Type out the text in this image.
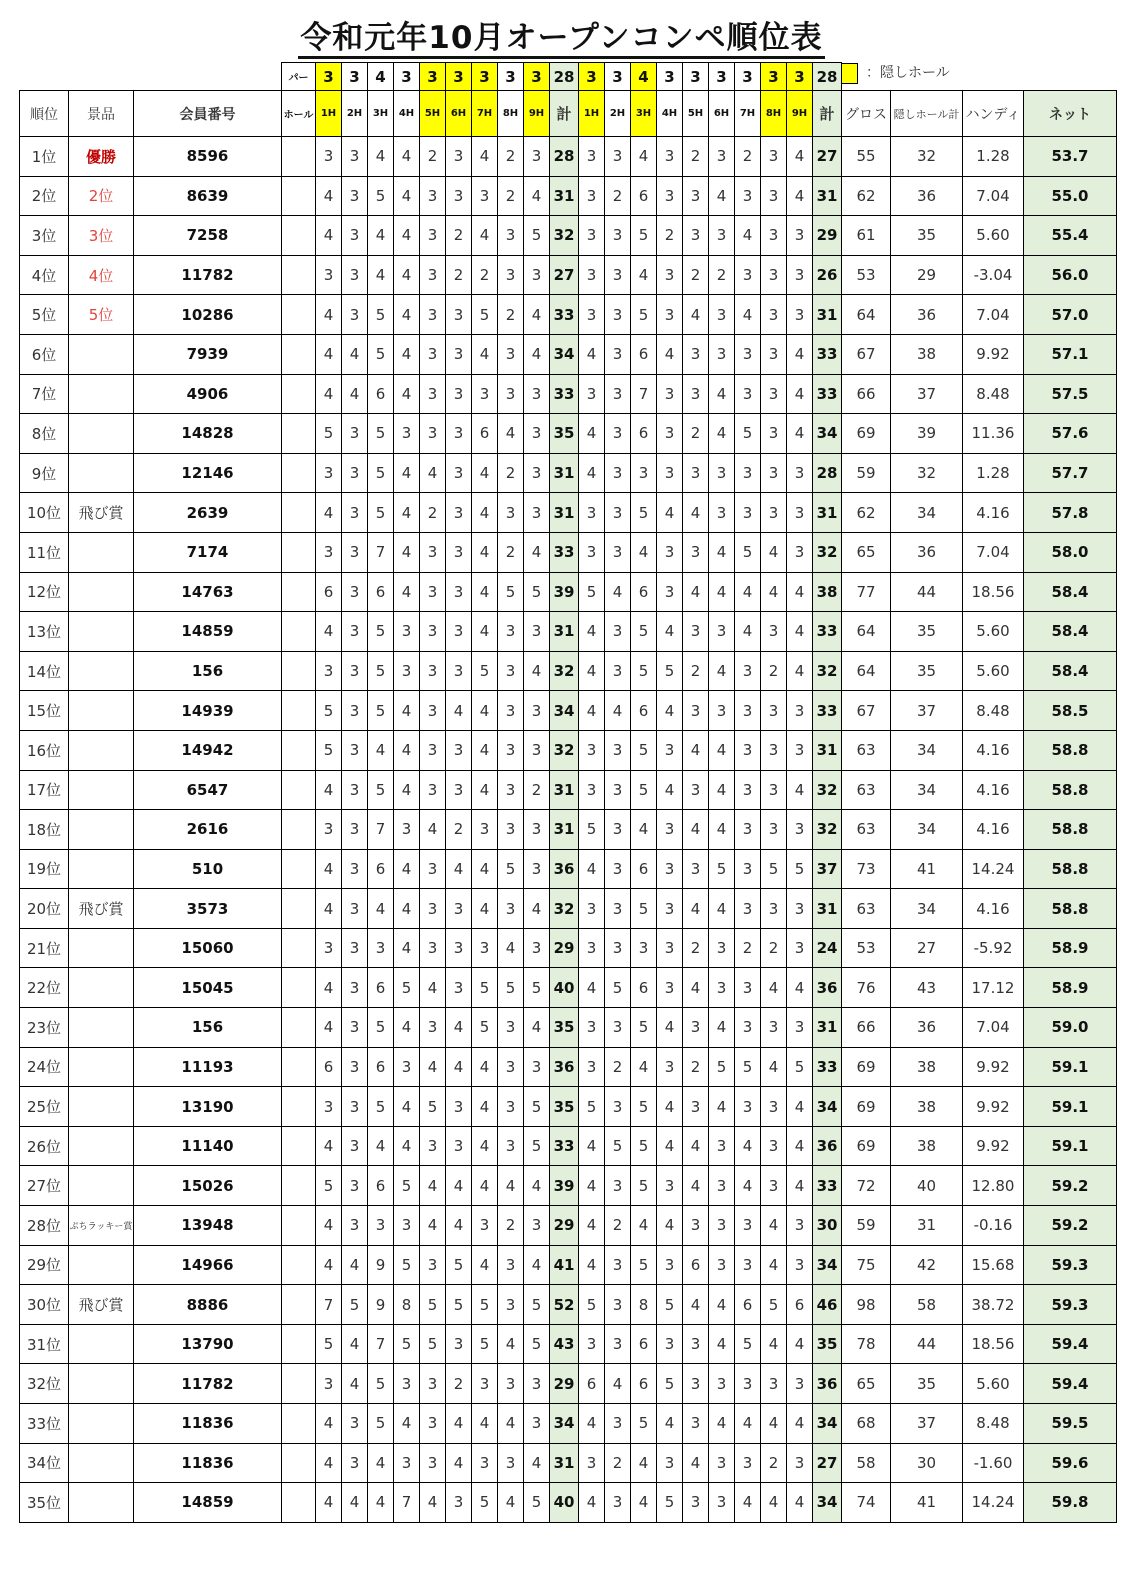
令和元年10月オープンコンペ順位表
：隠しホール
			パー	3	3	4	3	3	3	3	3	3	28	3	3	4	3	3	3	3	3	3	28				
順位	景品	会員番号	ホール	1H	2H	3H	4H	5H	6H	7H	8H	9H	計	1H	2H	3H	4H	5H	6H	7H	8H	9H	計	グロス	隠しホール計	ハンディ	ネット
1位	優勝	8596		3	3	4	4	2	3	4	2	3	28	3	3	4	3	2	3	2	3	4	27	55	32	1.28	53.7
2位	2位	8639		4	3	5	4	3	3	3	2	4	31	3	2	6	3	3	4	3	3	4	31	62	36	7.04	55.0
3位	3位	7258		4	3	4	4	3	2	4	3	5	32	3	3	5	2	3	3	4	3	3	29	61	35	5.60	55.4
4位	4位	11782		3	3	4	4	3	2	2	3	3	27	3	3	4	3	2	2	3	3	3	26	53	29	-3.04	56.0
5位	5位	10286		4	3	5	4	3	3	5	2	4	33	3	3	5	3	4	3	4	3	3	31	64	36	7.04	57.0
6位		7939		4	4	5	4	3	3	4	3	4	34	4	3	6	4	3	3	3	3	4	33	67	38	9.92	57.1
7位		4906		4	4	6	4	3	3	3	3	3	33	3	3	7	3	3	4	3	3	4	33	66	37	8.48	57.5
8位		14828		5	3	5	3	3	3	6	4	3	35	4	3	6	3	2	4	5	3	4	34	69	39	11.36	57.6
9位		12146		3	3	5	4	4	3	4	2	3	31	4	3	3	3	3	3	3	3	3	28	59	32	1.28	57.7
10位	飛び賞	2639		4	3	5	4	2	3	4	3	3	31	3	3	5	4	4	3	3	3	3	31	62	34	4.16	57.8
11位		7174		3	3	7	4	3	3	4	2	4	33	3	3	4	3	3	4	5	4	3	32	65	36	7.04	58.0
12位		14763		6	3	6	4	3	3	4	5	5	39	5	4	6	3	4	4	4	4	4	38	77	44	18.56	58.4
13位		14859		4	3	5	3	3	3	4	3	3	31	4	3	5	4	3	3	4	3	4	33	64	35	5.60	58.4
14位		156		3	3	5	3	3	3	5	3	4	32	4	3	5	5	2	4	3	2	4	32	64	35	5.60	58.4
15位		14939		5	3	5	4	3	4	4	3	3	34	4	4	6	4	3	3	3	3	3	33	67	37	8.48	58.5
16位		14942		5	3	4	4	3	3	4	3	3	32	3	3	5	3	4	4	3	3	3	31	63	34	4.16	58.8
17位		6547		4	3	5	4	3	3	4	3	2	31	3	3	5	4	3	4	3	3	4	32	63	34	4.16	58.8
18位		2616		3	3	7	3	4	2	3	3	3	31	5	3	4	3	4	4	3	3	3	32	63	34	4.16	58.8
19位		510		4	3	6	4	3	4	4	5	3	36	4	3	6	3	3	5	3	5	5	37	73	41	14.24	58.8
20位	飛び賞	3573		4	3	4	4	3	3	4	3	4	32	3	3	5	3	4	4	3	3	3	31	63	34	4.16	58.8
21位		15060		3	3	3	4	3	3	3	4	3	29	3	3	3	3	2	3	2	2	3	24	53	27	-5.92	58.9
22位		15045		4	3	6	5	4	3	5	5	5	40	4	5	6	3	4	3	3	4	4	36	76	43	17.12	58.9
23位		156		4	3	5	4	3	4	5	3	4	35	3	3	5	4	3	4	3	3	3	31	66	36	7.04	59.0
24位		11193		6	3	6	3	4	4	4	3	3	36	3	2	4	3	2	5	5	4	5	33	69	38	9.92	59.1
25位		13190		3	3	5	4	5	3	4	3	5	35	5	3	5	4	3	4	3	3	4	34	69	38	9.92	59.1
26位		11140		4	3	4	4	3	3	4	3	5	33	4	5	5	4	4	3	4	3	4	36	69	38	9.92	59.1
27位		15026		5	3	6	5	4	4	4	4	4	39	4	3	5	3	4	3	4	3	4	33	72	40	12.80	59.2
28位	ぷちラッキー賞	13948		4	3	3	3	4	4	3	2	3	29	4	2	4	4	3	3	3	4	3	30	59	31	-0.16	59.2
29位		14966		4	4	9	5	3	5	4	3	4	41	4	3	5	3	6	3	3	4	3	34	75	42	15.68	59.3
30位	飛び賞	8886		7	5	9	8	5	5	5	3	5	52	5	3	8	5	4	4	6	5	6	46	98	58	38.72	59.3
31位		13790		5	4	7	5	5	3	5	4	5	43	3	3	6	3	3	4	5	4	4	35	78	44	18.56	59.4
32位		11782		3	4	5	3	3	2	3	3	3	29	6	4	6	5	3	3	3	3	3	36	65	35	5.60	59.4
33位		11836		4	3	5	4	3	4	4	4	3	34	4	3	5	4	3	4	4	4	4	34	68	37	8.48	59.5
34位		11836		4	3	4	3	3	4	3	3	4	31	3	2	4	3	4	3	3	2	3	27	58	30	-1.60	59.6
35位		14859		4	4	4	7	4	3	5	4	5	40	4	3	4	5	3	3	4	4	4	34	74	41	14.24	59.8
